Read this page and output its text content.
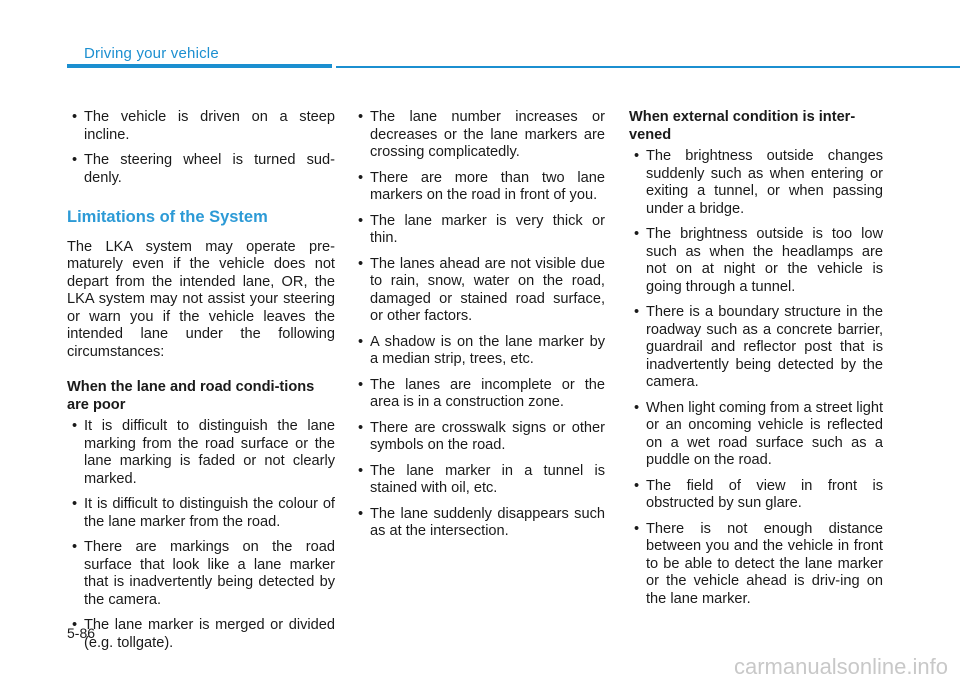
Driving your vehicle
• The vehicle is driven on a steep incline.
• The steering wheel is turned sud-denly.
Limitations of the System

The LKA system may operate pre-maturely even if the vehicle does not depart from the intended lane, OR, the LKA system may not assist your steering or warn you if the vehicle leaves the intended lane under the following circumstances:

When the lane and road condi-tions are poor
• It is difficult to distinguish the lane marking from the road surface or the lane marking is faded or not clearly marked.
• It is difficult to distinguish the colour of the lane marker from the road.
• There are markings on the road surface that look like a lane marker that is inadvertently being detected by the camera.
• The lane marker is merged or divided (e.g. tollgate).
• The lane number increases or decreases or the lane markers are crossing complicatedly.
• There are more than two lane markers on the road in front of you.
• The lane marker is very thick or thin.
• The lanes ahead are not visible due to rain, snow, water on the road, damaged or stained road surface, or other factors.
• A shadow is on the lane marker by a median strip, trees, etc.
• The lanes are incomplete or the area is in a construction zone.
• There are crosswalk signs or other symbols on the road.
• The lane marker in a tunnel is stained with oil, etc.
• The lane suddenly disappears such as at the intersection.
When external condition is inter-vened
• The brightness outside changes suddenly such as when entering or exiting a tunnel, or when passing under a bridge.
• The brightness outside is too low such as when the headlamps are not on at night or the vehicle is going through a tunnel.
• There is a boundary structure in the roadway such as a concrete barrier, guardrail and reflector post that is inadvertently being detected by the camera.
• When light coming from a street light or an oncoming vehicle is reflected on a wet road surface such as a puddle on the road.
• The field of view in front is obstructed by sun glare.
• There is not enough distance between you and the vehicle in front to be able to detect the lane marker or the vehicle ahead is driv-ing on the lane marker.
5-86
carmanualsonline.info
